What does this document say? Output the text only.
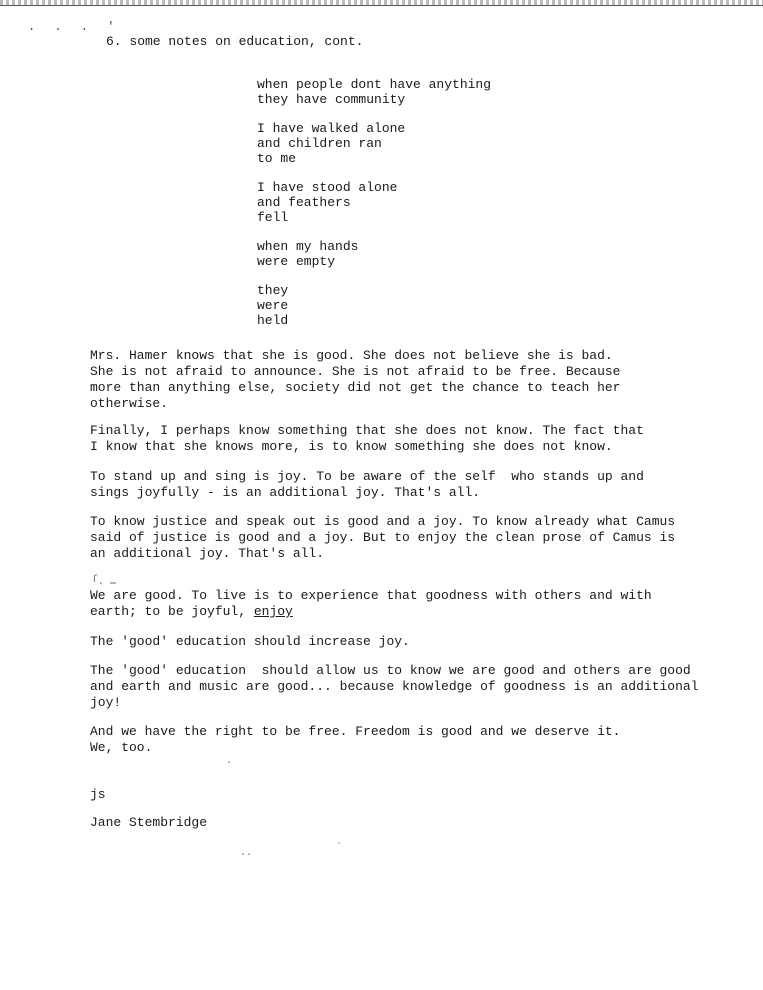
. . . '
6. some notes on education, cont.
when people dont have anything
they have community
I have walked alone
and children ran
to me
I have stood alone
and feathers
fell
when my hands
were empty
they
were
held
Mrs. Hamer knows that she is good. She does not believe she is bad.
She is not afraid to announce. She is not afraid to be free. Because
more than anything else, society did not get the chance to teach her
otherwise.
Finally, I perhaps know something that she does not know. The fact that
I know that she knows more, is to know something she does not know.
To stand up and sing is joy. To be aware of the self  who stands up and
sings joyfully - is an additional joy. That's all.
To know justice and speak out is good and a joy. To know already what Camus
said of justice is good and a joy. But to enjoy the clean prose of Camus is
an additional joy. That's all.
ſ˛ ‗
We are good. To live is to experience that goodness with others and with
earth; to be joyful, enjoy
The 'good' education should increase joy.
The 'good' education  should allow us to know we are good and others are good
and earth and music are good... because knowledge of goodness is an additional
joy!
And we have the right to be free. Freedom is good and we deserve it.
We, too.
·
js
Jane Stembridge
··
ˎ
